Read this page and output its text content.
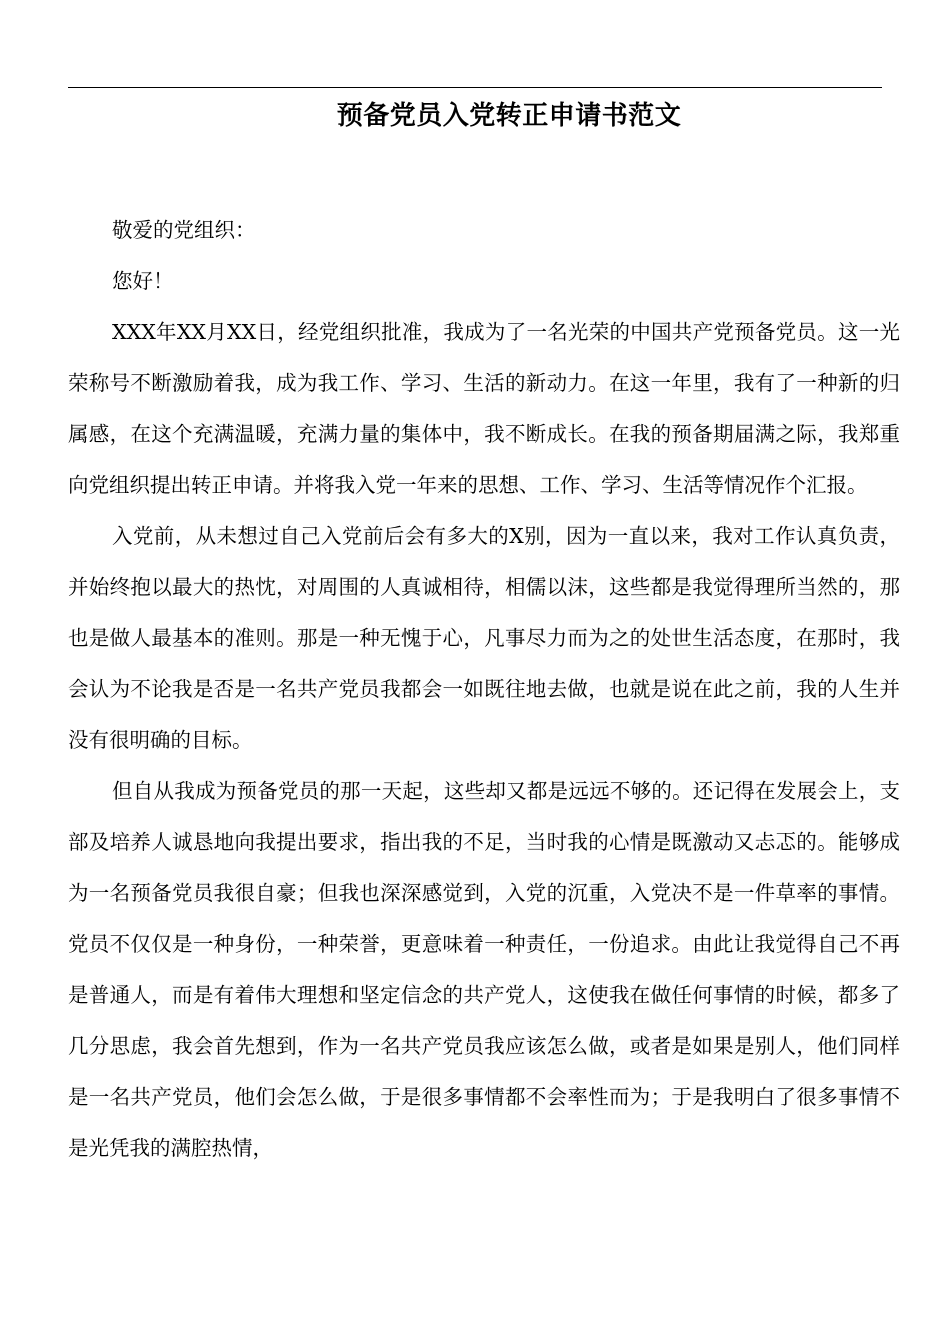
预备党员入党转正申请书范文

敬爱的党组织：

您好！

XXX年XX月XX日，经党组织批准，我成为了一名光荣的中国共产党预备党员。这一光荣称号不断激励着我，成为我工作、学习、生活的新动力。在这一年里，我有了一种新的归属感，在这个充满温暖，充满力量的集体中，我不断成长。在我的预备期届满之际，我郑重向党组织提出转正申请。并将我入党一年来的思想、工作、学习、生活等情况作个汇报。

入党前，从未想过自己入党前后会有多大的X别，因为一直以来，我对工作认真负责，并始终抱以最大的热忱，对周围的人真诚相待，相儒以沫，这些都是我觉得理所当然的，那也是做人最基本的准则。那是一种无愧于心，凡事尽力而为之的处世生活态度，在那时，我会认为不论我是否是一名共产党员我都会一如既往地去做，也就是说在此之前，我的人生并没有很明确的目标。

但自从我成为预备党员的那一天起，这些却又都是远远不够的。还记得在发展会上，支部及培养人诚恳地向我提出要求，指出我的不足，当时我的心情是既激动又忐忑的。能够成为一名预备党员我很自豪；但我也深深感觉到，入党的沉重，入党决不是一件草率的事情。党员不仅仅是一种身份，一种荣誉，更意味着一种责任，一份追求。由此让我觉得自己不再是普通人，而是有着伟大理想和坚定信念的共产党人，这使我在做任何事情的时候，都多了几分思虑，我会首先想到，作为一名共产党员我应该怎么做，或者是如果是别人，他们同样是一名共产党员，他们会怎么做，于是很多事情都不会率性而为；于是我明白了很多事情不是光凭我的满腔热情，
